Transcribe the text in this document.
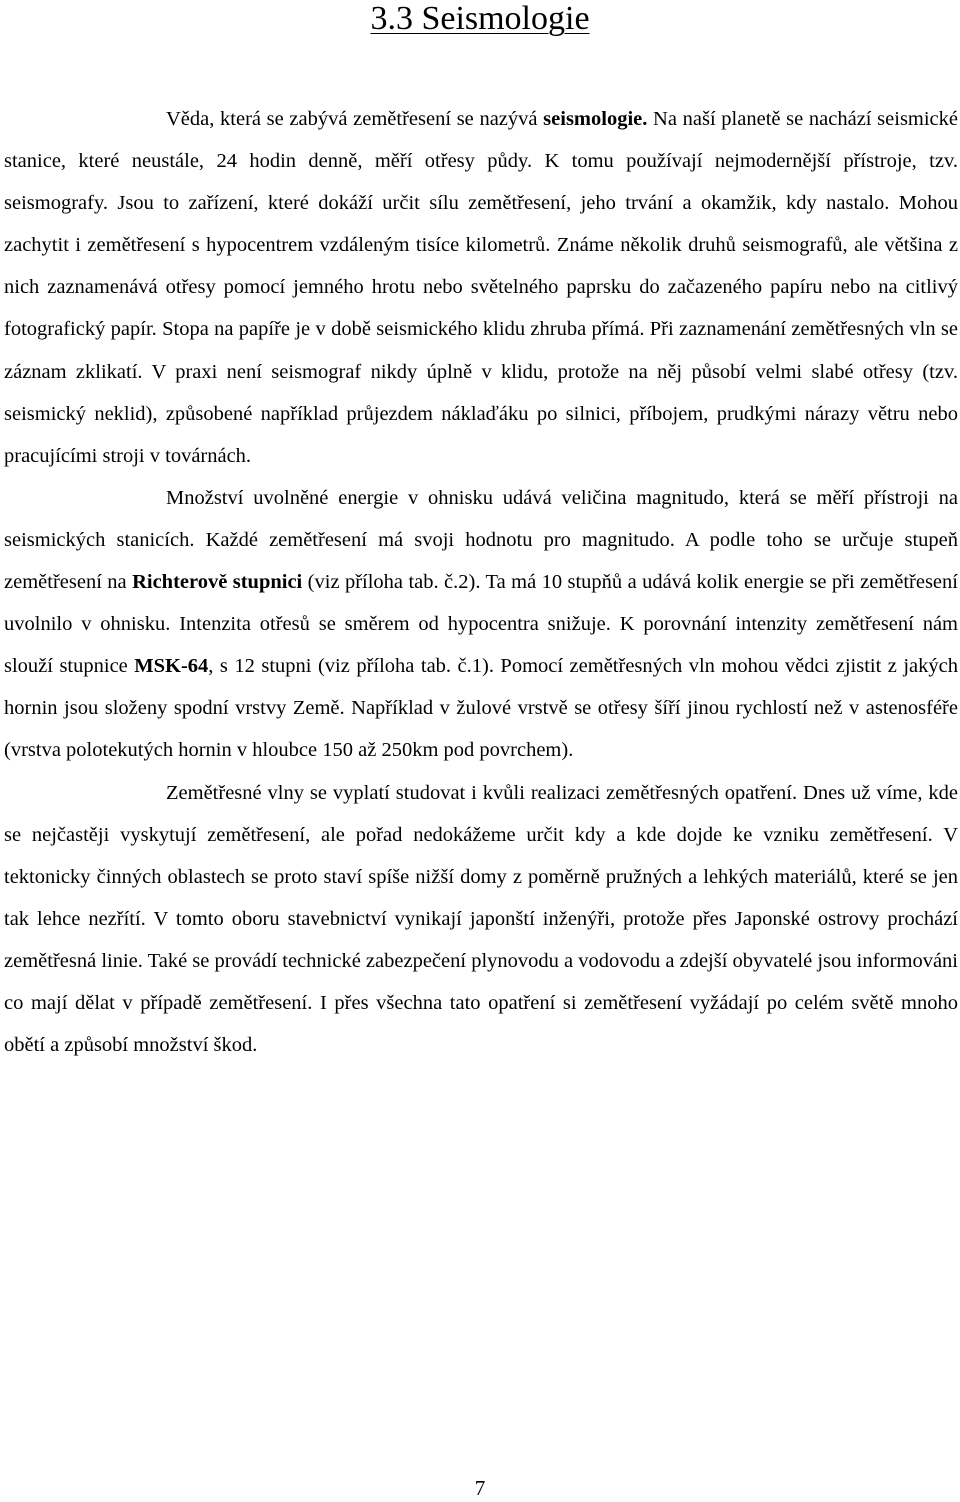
3.3 Seismologie

Věda, která se zabývá zemětřesení se nazývá seismologie. Na naší planetě se nachází seismické stanice, které neustále, 24 hodin denně, měří otřesy půdy. K tomu používají nejmodernější přístroje, tzv. seismografy. Jsou to zařízení, které dokáží určit sílu zemětřesení, jeho trvání a okamžik, kdy nastalo. Mohou zachytit i zemětřesení s hypocentrem vzdáleným tisíce kilometrů. Známe několik druhů seismografů, ale většina z nich zaznamenává otřesy pomocí jemného hrotu nebo světelného paprsku do začazeného papíru nebo na citlivý fotografický papír. Stopa na papíře je v době seismického klidu zhruba přímá. Při zaznamenání zemětřesných vln se záznam zklikatí. V praxi není seismograf nikdy úplně v klidu, protože na něj působí velmi slabé otřesy (tzv. seismický neklid), způsobené například průjezdem náklaďáku po silnici, příbojem, prudkými nárazy větru nebo pracujícími stroji v továrnách.

Množství uvolněné energie v ohnisku udává veličina magnitudo, která se měří přístroji na seismických stanicích. Každé zemětřesení má svoji hodnotu pro magnitudo. A podle toho se určuje stupeň zemětřesení na Richterově stupnici (viz příloha tab. č.2). Ta má 10 stupňů a udává kolik energie se při zemětřesení uvolnilo v ohnisku. Intenzita otřesů se směrem od hypocentra snižuje. K porovnání intenzity zemětřesení nám slouží stupnice MSK-64, s 12 stupni (viz příloha tab. č.1). Pomocí zemětřesných vln mohou vědci zjistit z jakých hornin jsou složeny spodní vrstvy Země. Například v žulové vrstvě se otřesy šíří jinou rychlostí než v astenosféře (vrstva polotekutých hornin v hloubce 150 až 250km pod povrchem).

Zemětřesné vlny se vyplatí studovat i kvůli realizaci zemětřesných opatření. Dnes už víme, kde se nejčastěji vyskytují zemětřesení, ale pořad nedokážeme určit kdy a kde dojde ke vzniku zemětřesení. V tektonicky činných oblastech se proto staví spíše nižší domy z poměrně pružných a lehkých materiálů, které se jen tak lehce nezřítí. V tomto oboru stavebnictví vynikají japonští inženýři, protože přes Japonské ostrovy prochází zemětřesná linie. Také se provádí technické zabezpečení plynovodu a vodovodu a zdejší obyvatelé jsou informováni co mají dělat v případě zemětřesení. I přes všechna tato opatření si zemětřesení vyžádají po celém světě mnoho obětí a způsobí množství škod.

7
